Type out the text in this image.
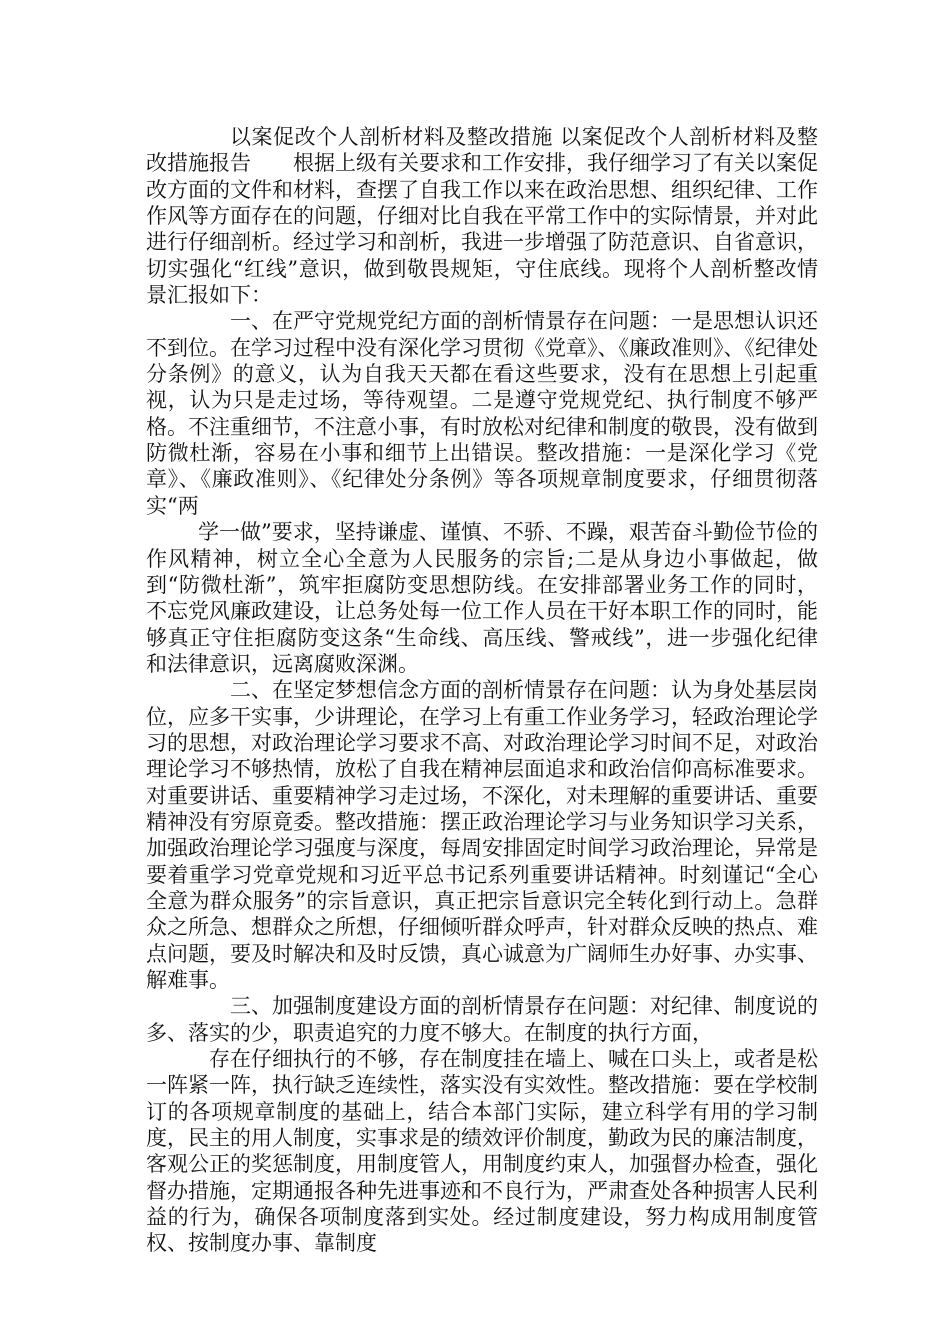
以案促改个人剖析材料及整改措施 以案促改个人剖析材料及整改措施报告　　根据上级有关要求和工作安排，我仔细学习了有关以案促改方面的文件和材料，查摆了自我工作以来在政治思想、组织纪律、工作作风等方面存在的问题，仔细对比自我在平常工作中的实际情景，并对此进行仔细剖析。经过学习和剖析，我进一步增强了防范意识、自省意识，切实强化“红线”意识，做到敬畏规矩，守住底线。现将个人剖析整改情景汇报如下：

一、在严守党规党纪方面的剖析情景存在问题：一是思想认识还不到位。在学习过程中没有深化学习贯彻《党章》、《廉政准则》、《纪律处分条例》的意义，认为自我天天都在看这些要求，没有在思想上引起重视，认为只是走过场，等待观望。二是遵守党规党纪、执行制度不够严格。不注重细节，不注意小事，有时放松对纪律和制度的敬畏，没有做到防微杜渐，容易在小事和细节上出错误。整改措施：一是深化学习《党章》、《廉政准则》、《纪律处分条例》等各项规章制度要求，仔细贯彻落实“两

学一做”要求，坚持谦虚、谨慎、不骄、不躁，艰苦奋斗勤俭节俭的作风精神，树立全心全意为人民服务的宗旨;二是从身边小事做起，做到“防微杜渐”，筑牢拒腐防变思想防线。在安排部署业务工作的同时，不忘党风廉政建设，让总务处每一位工作人员在干好本职工作的同时，能够真正守住拒腐防变这条“生命线、高压线、警戒线”，进一步强化纪律和法律意识，远离腐败深渊。

二、在坚定梦想信念方面的剖析情景存在问题：认为身处基层岗位，应多干实事，少讲理论，在学习上有重工作业务学习，轻政治理论学习的思想，对政治理论学习要求不高、对政治理论学习时间不足，对政治理论学习不够热情，放松了自我在精神层面追求和政治信仰高标准要求。对重要讲话、重要精神学习走过场，不深化，对未理解的重要讲话、重要精神没有穷原竟委。整改措施：摆正政治理论学习与业务知识学习关系，加强政治理论学习强度与深度，每周安排固定时间学习政治理论，异常是要着重学习党章党规和习近平总书记系列重要讲话精神。时刻谨记“全心全意为群众服务”的宗旨意识，真正把宗旨意识完全转化到行动上。急群众之所急、想群众之所想，仔细倾听群众呼声，针对群众反映的热点、难点问题，要及时解决和及时反馈，真心诚意为广阔师生办好事、办实事、解难事。

三、加强制度建设方面的剖析情景存在问题：对纪律、制度说的多、落实的少，职责追究的力度不够大。在制度的执行方面，

存在仔细执行的不够，存在制度挂在墙上、喊在口头上，或者是松一阵紧一阵，执行缺乏连续性，落实没有实效性。整改措施：要在学校制订的各项规章制度的基础上，结合本部门实际，建立科学有用的学习制度，民主的用人制度，实事求是的绩效评价制度，勤政为民的廉洁制度，客观公正的奖惩制度，用制度管人，用制度约束人，加强督办检查，强化督办措施，定期通报各种先进事迹和不良行为，严肃查处各种损害人民利益的行为，确保各项制度落到实处。经过制度建设，努力构成用制度管权、按制度办事、靠制度
